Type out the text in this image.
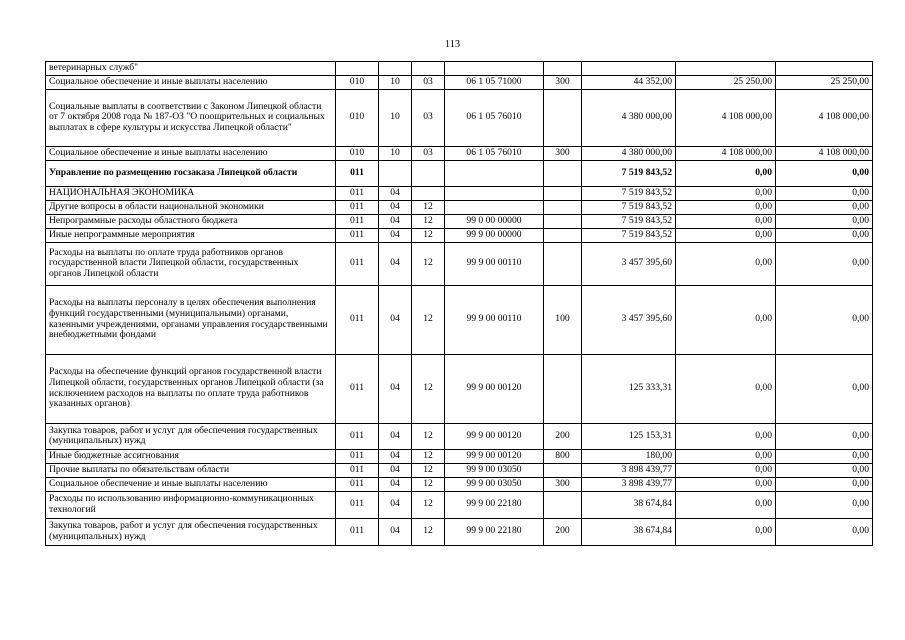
113
ветеринарных служб"								
Социальное обеспечение и иные выплаты населению	010	10	03	06 1 05 71000	300	44 352,00	25 250,00	25 250,00
Социальные выплаты в соответствии с Законом Липецкой области от 7 октября 2008 года № 187-ОЗ "О поощрительных и социальных выплатах в сфере культуры и искусства Липецкой области"	010	10	03	06 1 05 76010		4 380 000,00	4 108 000,00	4 108 000,00
Социальное обеспечение и иные выплаты населению	010	10	03	06 1 05 76010	300	4 380 000,00	4 108 000,00	4 108 000,00
Управление по размещению госзаказа Липецкой области	011					7 519 843,52	0,00	0,00
НАЦИОНАЛЬНАЯ ЭКОНОМИКА	011	04				7 519 843,52	0,00	0,00
Другие вопросы в области национальной экономики	011	04	12			7 519 843,52	0,00	0,00
Непрограммные расходы областного бюджета	011	04	12	99 0 00 00000		7 519 843,52	0,00	0,00
Иные непрограммные мероприятия	011	04	12	99 9 00 00000		7 519 843,52	0,00	0,00
Расходы на выплаты по оплате труда работников органов государственной власти Липецкой области, государственных органов Липецкой области	011	04	12	99 9 00 00110		3 457 395,60	0,00	0,00
Расходы на выплаты персоналу в целях обеспечения выполнения функций государственными (муниципальными) органами, казенными учреждениями, органами управления государственными внебюджетными фондами	011	04	12	99 9 00 00110	100	3 457 395,60	0,00	0,00
Расходы на обеспечение функций органов государственной власти Липецкой области, государственных органов Липецкой области (за исключением расходов на выплаты по оплате труда работников указанных органов)	011	04	12	99 9 00 00120		125 333,31	0,00	0,00
Закупка товаров, работ и услуг для обеспечения государственных (муниципальных) нужд	011	04	12	99 9 00 00120	200	125 153,31	0,00	0,00
Иные бюджетные ассигнования	011	04	12	99 9 00 00120	800	180,00	0,00	0,00
Прочие выплаты по обязательствам области	011	04	12	99 9 00 03050		3 898 439,77	0,00	0,00
Социальное обеспечение и иные выплаты населению	011	04	12	99 9 00 03050	300	3 898 439,77	0,00	0,00
Расходы по использованию информационно-коммуникационных технологий	011	04	12	99 9 00 22180		38 674,84	0,00	0,00
Закупка товаров, работ и услуг для обеспечения государственных (муниципальных) нужд	011	04	12	99 9 00 22180	200	38 674,84	0,00	0,00
